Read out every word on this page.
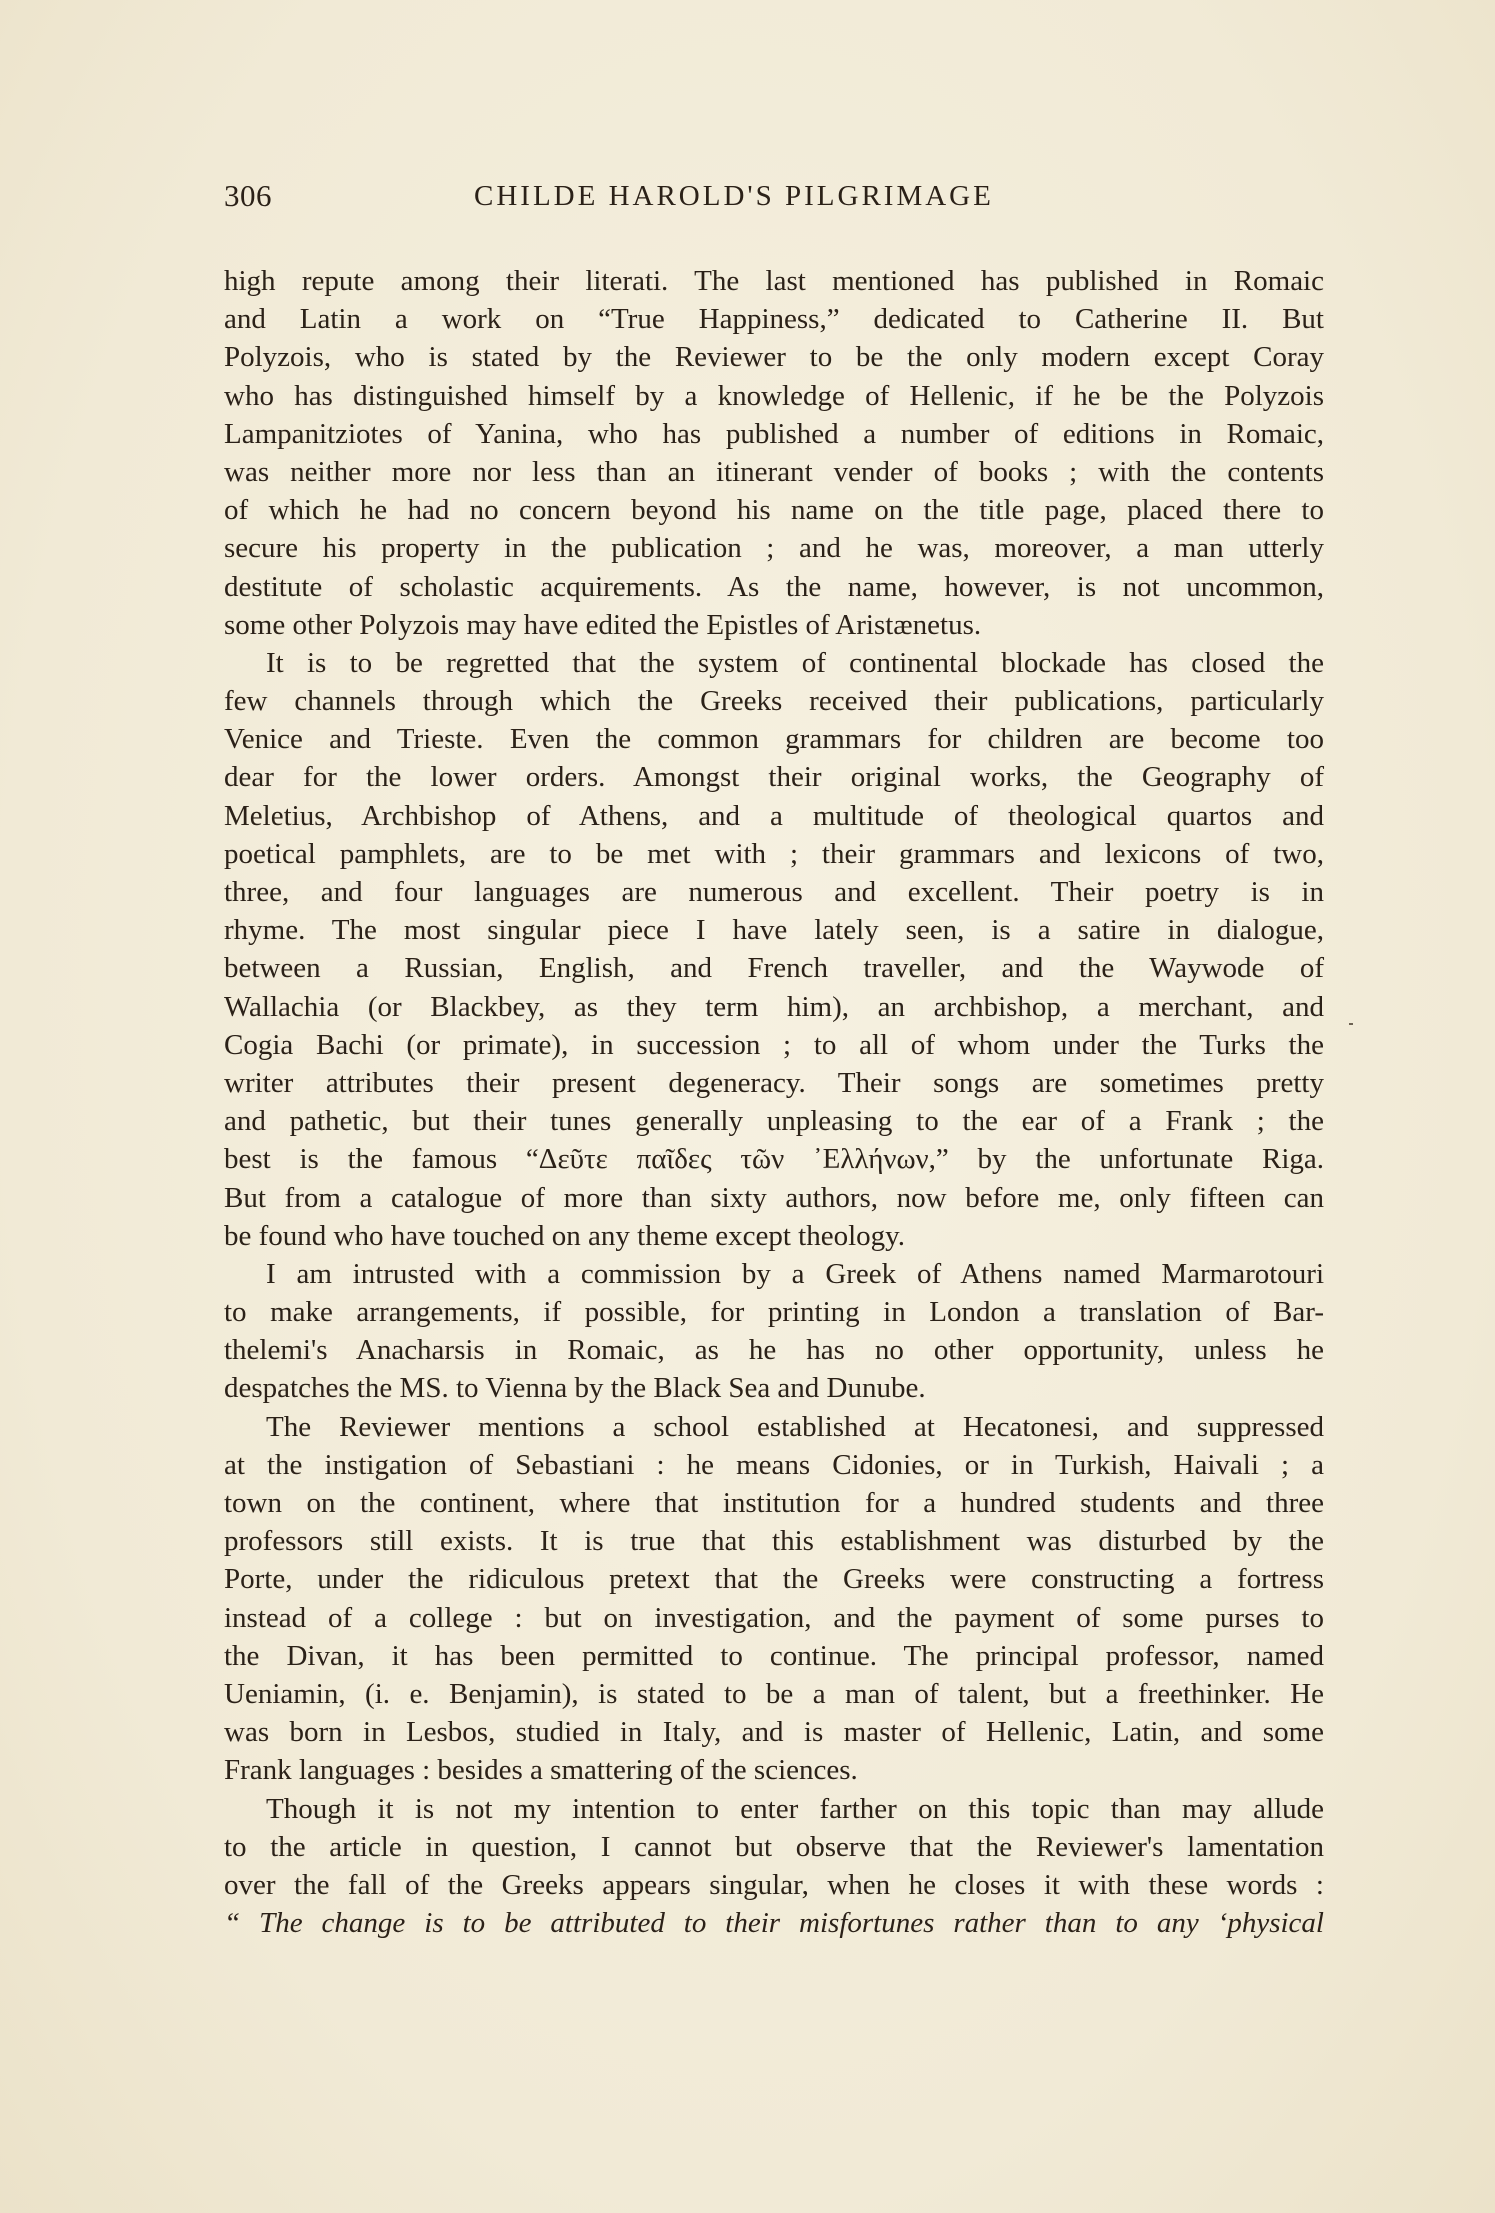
306	CHILDE HAROLD'S PILGRIMAGE
high repute among their literati. The last mentioned has published in Romaic
and Latin a work on “True Happiness,” dedicated to Catherine II. But
Polyzois, who is stated by the Reviewer to be the only modern except Coray
who has distinguished himself by a knowledge of Hellenic, if he be the Polyzois
Lampanitziotes of Yanina, who has published a number of editions in Romaic,
was neither more nor less than an itinerant vender of books ; with the contents
of which he had no concern beyond his name on the title page, placed there to
secure his property in the publication ; and he was, moreover, a man utterly
destitute of scholastic acquirements. As the name, however, is not uncommon,
some other Polyzois may have edited the Epistles of Aristænetus.
It is to be regretted that the system of continental blockade has closed the
few channels through which the Greeks received their publications, particularly
Venice and Trieste. Even the common grammars for children are become too
dear for the lower orders. Amongst their original works, the Geography of
Meletius, Archbishop of Athens, and a multitude of theological quartos and
poetical pamphlets, are to be met with ; their grammars and lexicons of two,
three, and four languages are numerous and excellent. Their poetry is in
rhyme. The most singular piece I have lately seen, is a satire in dialogue,
between a Russian, English, and French traveller, and the Waywode of
Wallachia (or Blackbey, as they term him), an archbishop, a merchant, and
Cogia Bachi (or primate), in succession ; to all of whom under the Turks the
writer attributes their present degeneracy. Their songs are sometimes pretty
and pathetic, but their tunes generally unpleasing to the ear of a Frank ; the
best is the famous “Δεῦτε παῖδες τῶν ᾿Ελλήνων,” by the unfortunate Riga.
But from a catalogue of more than sixty authors, now before me, only fifteen can
be found who have touched on any theme except theology.
I am intrusted with a commission by a Greek of Athens named Marmarotouri
to make arrangements, if possible, for printing in London a translation of Bar-
thelemi's Anacharsis in Romaic, as he has no other opportunity, unless he
despatches the MS. to Vienna by the Black Sea and Dunube.
The Reviewer mentions a school established at Hecatonesi, and suppressed
at the instigation of Sebastiani : he means Cidonies, or in Turkish, Haivali ; a
town on the continent, where that institution for a hundred students and three
professors still exists. It is true that this establishment was disturbed by the
Porte, under the ridiculous pretext that the Greeks were constructing a fortress
instead of a college : but on investigation, and the payment of some purses to
the Divan, it has been permitted to continue. The principal professor, named
Ueniamin, (i. e. Benjamin), is stated to be a man of talent, but a freethinker. He
was born in Lesbos, studied in Italy, and is master of Hellenic, Latin, and some
Frank languages : besides a smattering of the sciences.
Though it is not my intention to enter farther on this topic than may allude
to the article in question, I cannot but observe that the Reviewer's lamentation
over the fall of the Greeks appears singular, when he closes it with these words :
“ The change is to be attributed to their misfortunes rather than to any ‘physical
